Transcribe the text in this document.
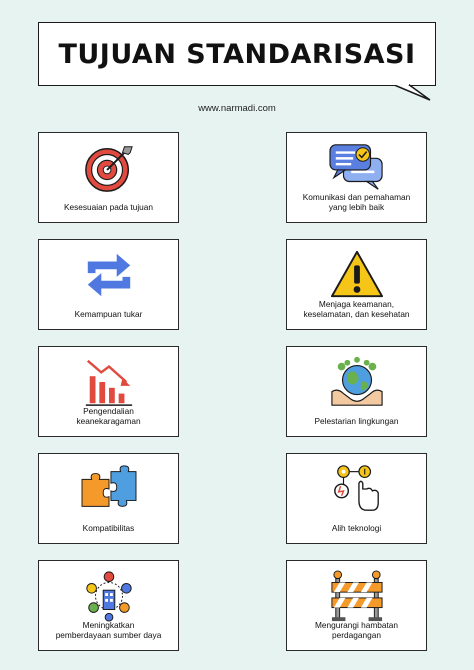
TUJUAN STANDARISASI
www.narmadi.com
Kesesuaian pada tujuan
Komunikasi dan pemahaman
yang lebih baik
Kemampuan tukar
Menjaga keamanan,
keselamatan, dan kesehatan
Pengendalian
keanekaragaman	Pelestarian lingkungan
Kompatibilitas	Alih teknologi
Meningkatkan
pemberdayaan sumber daya
Mengurangi hambatan
perdagangan
